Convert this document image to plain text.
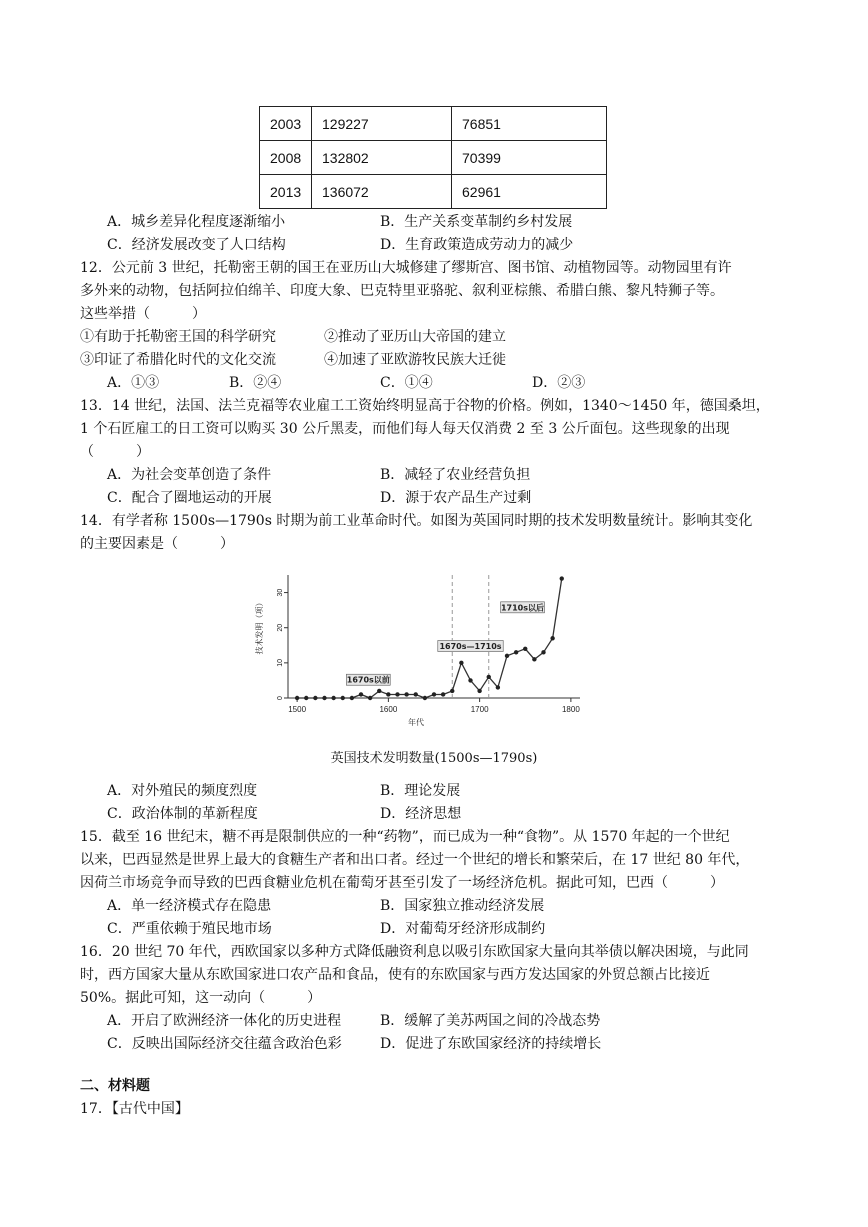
2003	129227	76851
2008	132802	70399
2013	136072	62961
A．城乡差异化程度逐渐缩小	B．生产关系变革制约乡村发展
C．经济发展改变了人口结构	D．生育政策造成劳动力的减少
12．公元前 3 世纪，托勒密王朝的国王在亚历山大城修建了缪斯宫、图书馆、动植物园等。动物园里有许
多外来的动物，包括阿拉伯绵羊、印度大象、巴克特里亚骆驼、叙利亚棕熊、希腊白熊、黎凡特狮子等。
这些举措（　　　）
①有助于托勒密王国的科学研究	②推动了亚历山大帝国的建立
③印证了希腊化时代的文化交流	④加速了亚欧游牧民族大迁徙
A．①③	B．②④	C．①④	D．②③
13．14 世纪，法国、法兰克福等农业雇工工资始终明显高于谷物的价格。例如，1340～1450 年，德国桑坦，
1 个石匠雇工的日工资可以购买 30 公斤黑麦，而他们每人每天仅消费 2 至 3 公斤面包。这些现象的出现
（　　　）
A．为社会变革创造了条件	B．减轻了农业经营负担
C．配合了圈地运动的开展	D．源于农产品生产过剩
14．有学者称 1500s—1790s 时期为前工业革命时代。如图为英国同时期的技术发明数量统计。影响其变化
的主要因素是（　　　）
0
10
20
30
1500	1600	1700	1800
年代
技术发明（项）
1670s以前
1670s—1710s
1710s以后
英国技术发明数量(1500s—1790s)
A．对外殖民的频度烈度	B．理论发展
C．政治体制的革新程度	D．经济思想
15．截至 16 世纪末，糖不再是限制供应的一种“药物”，而已成为一种“食物”。从 1570 年起的一个世纪
以来，巴西显然是世界上最大的食糖生产者和出口者。经过一个世纪的增长和繁荣后，在 17 世纪 80 年代，
因荷兰市场竞争而导致的巴西食糖业危机在葡萄牙甚至引发了一场经济危机。据此可知，巴西（　　　）
A．单一经济模式存在隐患	B．国家独立推动经济发展
C．严重依赖于殖民地市场	D．对葡萄牙经济形成制约
16．20 世纪 70 年代，西欧国家以多种方式降低融资利息以吸引东欧国家大量向其举债以解决困境，与此同
时，西方国家大量从东欧国家进口农产品和食品，使有的东欧国家与西方发达国家的外贸总额占比接近
50%。据此可知，这一动向（　　　）
A．开启了欧洲经济一体化的历史进程	B．缓解了美苏两国之间的冷战态势
C．反映出国际经济交往蕴含政治色彩	D．促进了东欧国家经济的持续增长
二、材料题
17．【古代中国】
